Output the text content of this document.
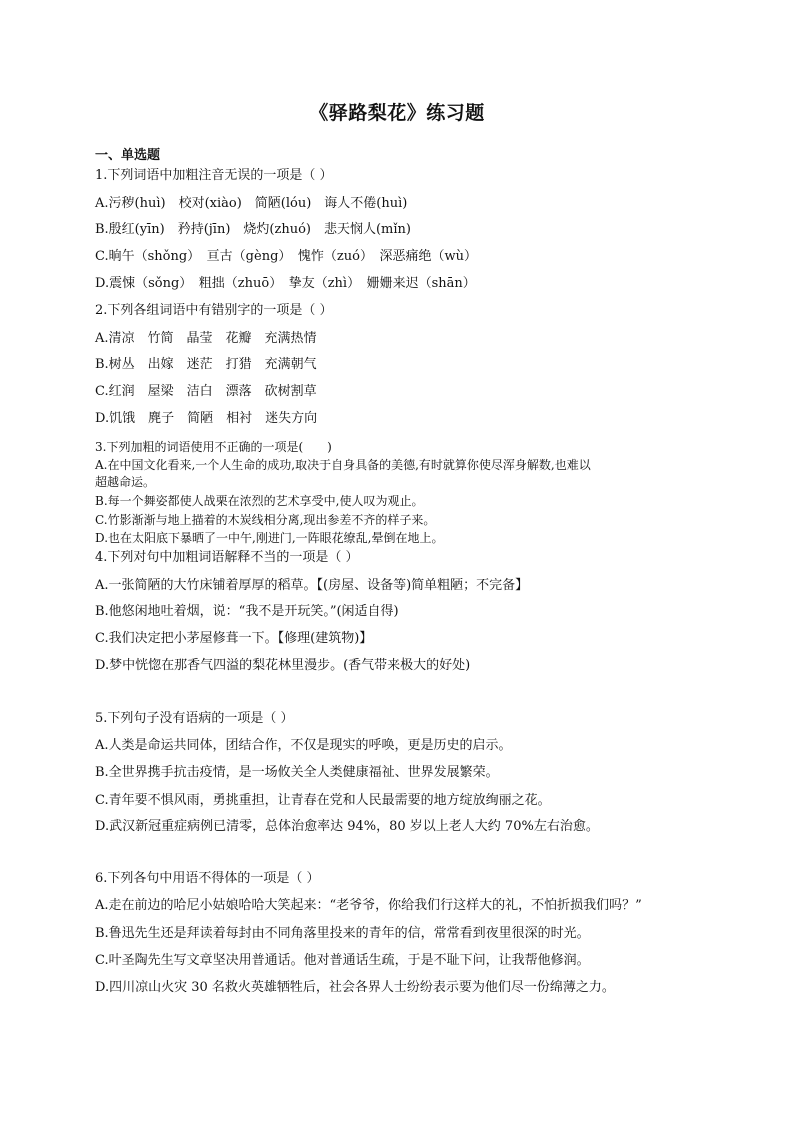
《驿路梨花》练习题
一、单选题
1.下列词语中加粗注音无误的一项是（ ）
A.污秽(huì)　校对(xiào)　简陋(lóu)　诲人不倦(huì)
B.殷红(yīn)　矜持(jīn)　烧灼(zhuó)　悲天悯人(mǐn)
C.晌午（shǒng）　亘古（gèng）　愧怍（zuó）　深恶痛绝（wù）
D.震悚（sǒng）　粗拙（zhuō）　挚友（zhì）　姗姗来迟（shān）
2.下列各组词语中有错别字的一项是（ ）
A.清凉　竹简　晶莹　花瓣　充满热情
B.树丛　出嫁　迷茫　打猎　充满朝气
C.红润　屋梁　洁白　漂落　砍树割草
D.饥饿　麂子　简陋　相衬　迷失方向
3.下列加粗的词语使用不正确的一项是(　　)
A.在中国文化看来,一个人生命的成功,取决于自身具备的美德,有时就算你使尽浑身解数,也难以
超越命运。
B.每一个舞姿都使人战栗在浓烈的艺术享受中,使人叹为观止。
C.竹影渐渐与地上描着的木炭线相分离,现出参差不齐的样子来。
D.也在太阳底下暴晒了一中午,刚进门,一阵眼花缭乱,晕倒在地上。
4.下列对句中加粗词语解释不当的一项是（ ）
A.一张简陋的大竹床铺着厚厚的稻草。【(房屋、设备等)简单粗陋；不完备】
B.他悠闲地吐着烟，说：“我不是开玩笑。”(闲适自得)
C.我们决定把小茅屋修葺一下。【修理(建筑物)】
D.梦中恍惚在那香气四溢的梨花林里漫步。(香气带来极大的好处)
5.下列句子没有语病的一项是（ ）
A.人类是命运共同体，团结合作，不仅是现实的呼唤，更是历史的启示。
B.全世界携手抗击疫情，是一场攸关全人类健康福祉、世界发展繁荣。
C.青年要不惧风雨，勇挑重担，让青春在党和人民最需要的地方绽放绚丽之花。
D.武汉新冠重症病例已清零，总体治愈率达 94%，80 岁以上老人大约 70%左右治愈。
6.下列各句中用语不得体的一项是（ ）
A.走在前边的哈尼小姑娘哈哈大笑起来：“老爷爷，你给我们行这样大的礼，不怕折损我们吗？”
B.鲁迅先生还是拜读着每封由不同角落里投来的青年的信，常常看到夜里很深的时光。
C.叶圣陶先生写文章坚决用普通话。他对普通话生疏，于是不耻下问，让我帮他修润。
D.四川凉山火灾 30 名救火英雄牺牲后，社会各界人士纷纷表示要为他们尽一份绵薄之力。
